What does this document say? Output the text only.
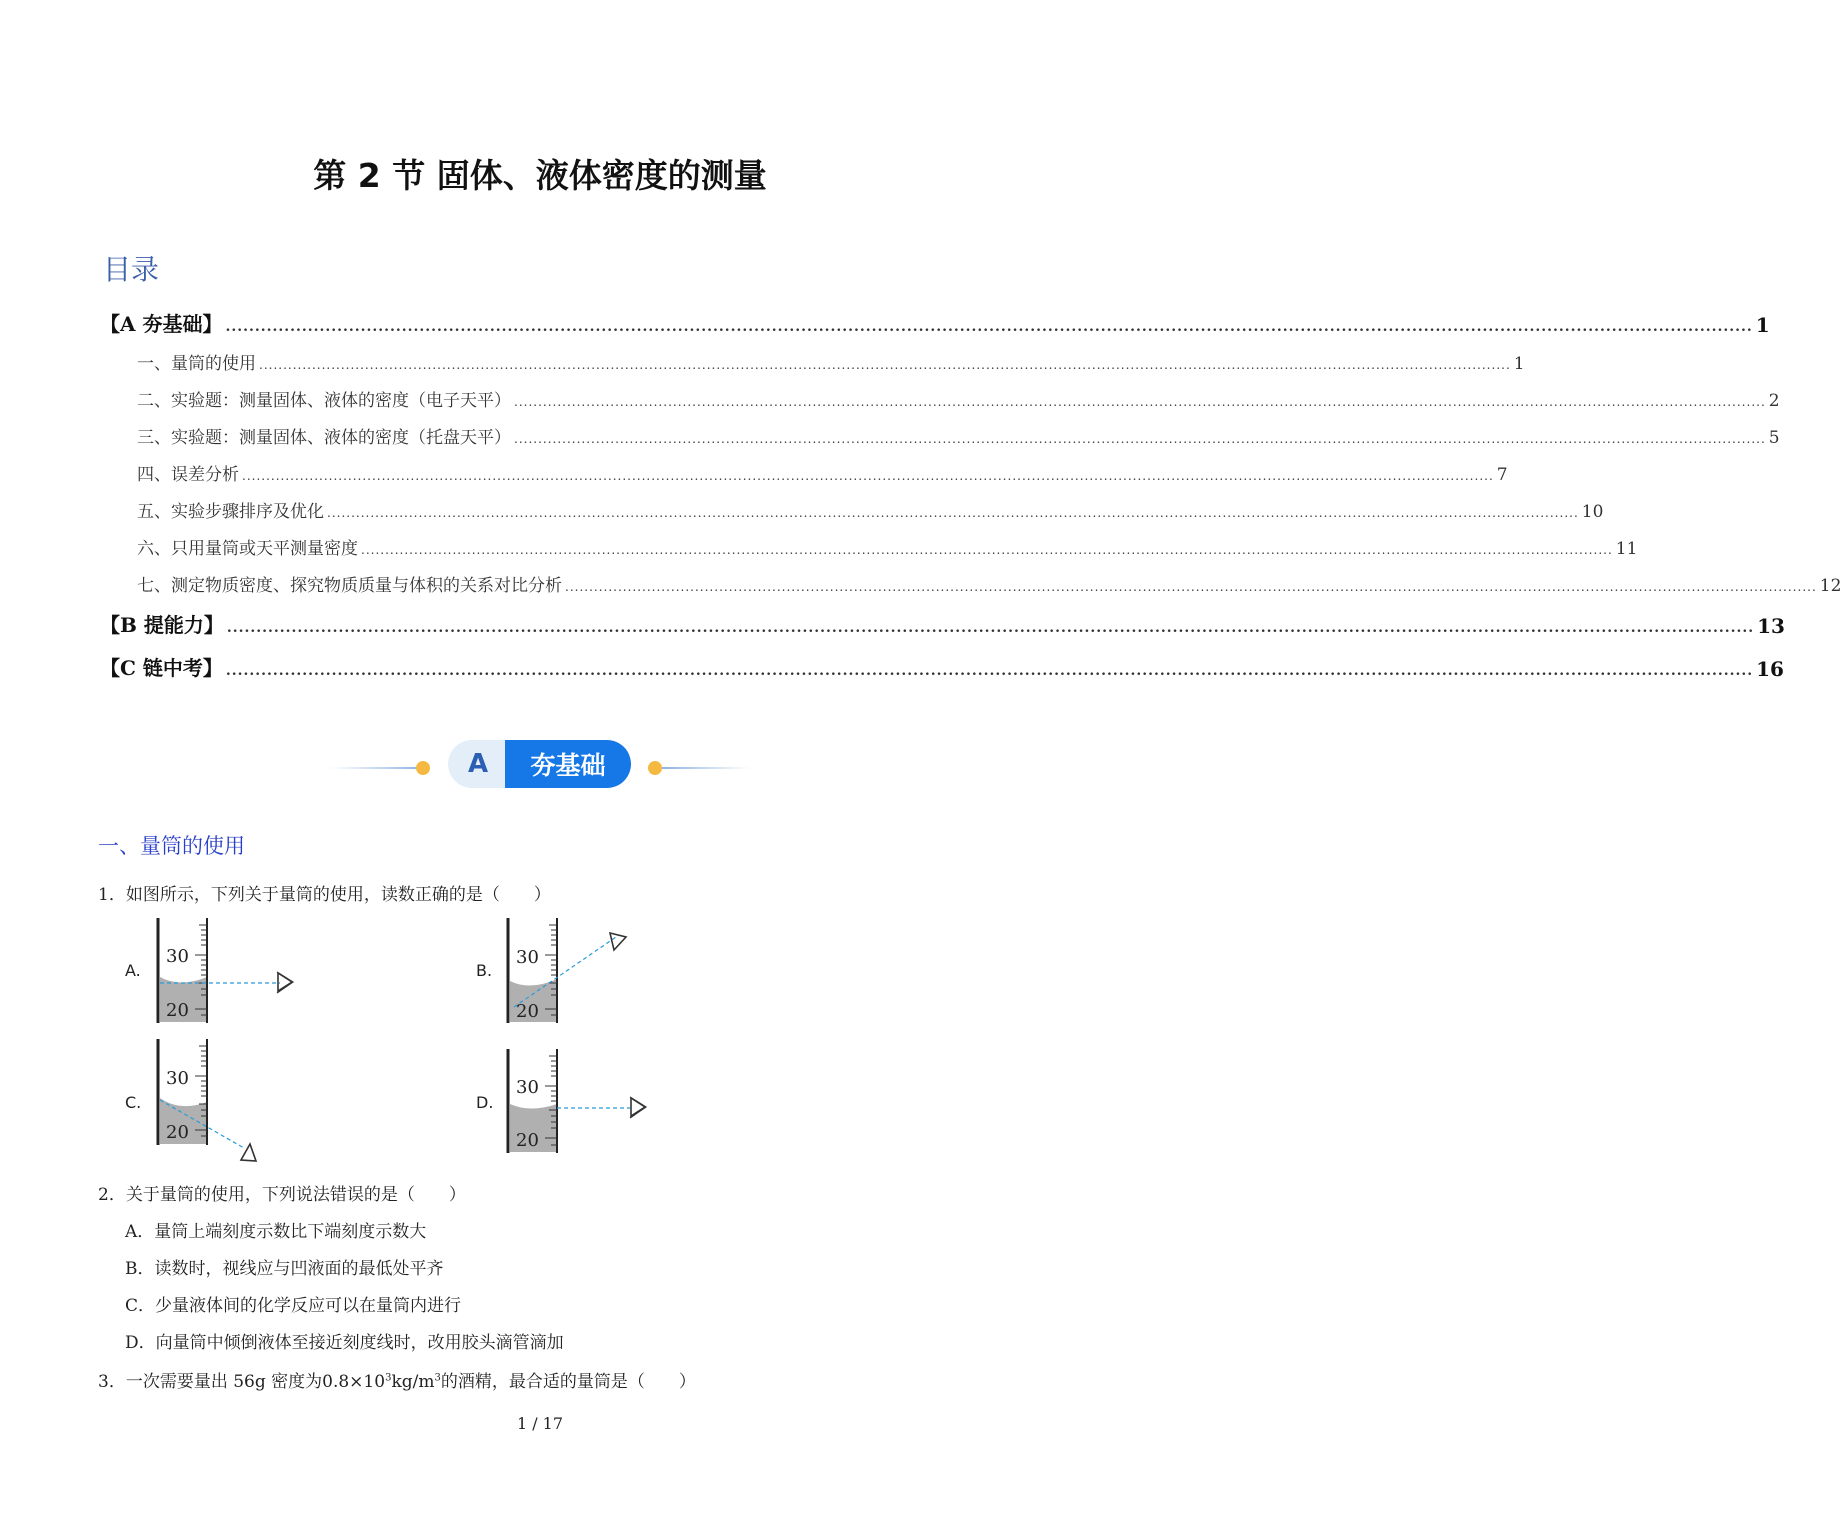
第 2 节 固体、液体密度的测量
目录
【A 夯基础】 .................................................................................................................................................................................................................................................................... 1
一、量筒的使用 .................................................................................................................................................................................................................................................................... 1
二、实验题：测量固体、液体的密度（电子天平） .................................................................................................................................................................................................................................................................... 2
三、实验题：测量固体、液体的密度（托盘天平） .................................................................................................................................................................................................................................................................... 5
四、误差分析 .................................................................................................................................................................................................................................................................... 7
五、实验步骤排序及优化 .................................................................................................................................................................................................................................................................... 10
六、只用量筒或天平测量密度 .................................................................................................................................................................................................................................................................... 11
七、测定物质密度、探究物质质量与体积的关系对比分析 .................................................................................................................................................................................................................................................................... 12
【B 提能力】 .................................................................................................................................................................................................................................................................... 13
【C 链中考】 .................................................................................................................................................................................................................................................................... 16
A	夯基础
一、量筒的使用
1．如图所示，下列关于量筒的使用，读数正确的是（　　）
A.
30
20
B.
30
20
C.
30
20
D.
30
20
2．关于量筒的使用，下列说法错误的是（　　）
A．量筒上端刻度示数比下端刻度示数大
B．读数时，视线应与凹液面的最低处平齐
C．少量液体间的化学反应可以在量筒内进行
D．向量筒中倾倒液体至接近刻度线时，改用胶头滴管滴加
3．一次需要量出 56g 密度为$0.8\times 10^3kg/m^3$的酒精，最合适的量筒是（　　）
1 / 17
